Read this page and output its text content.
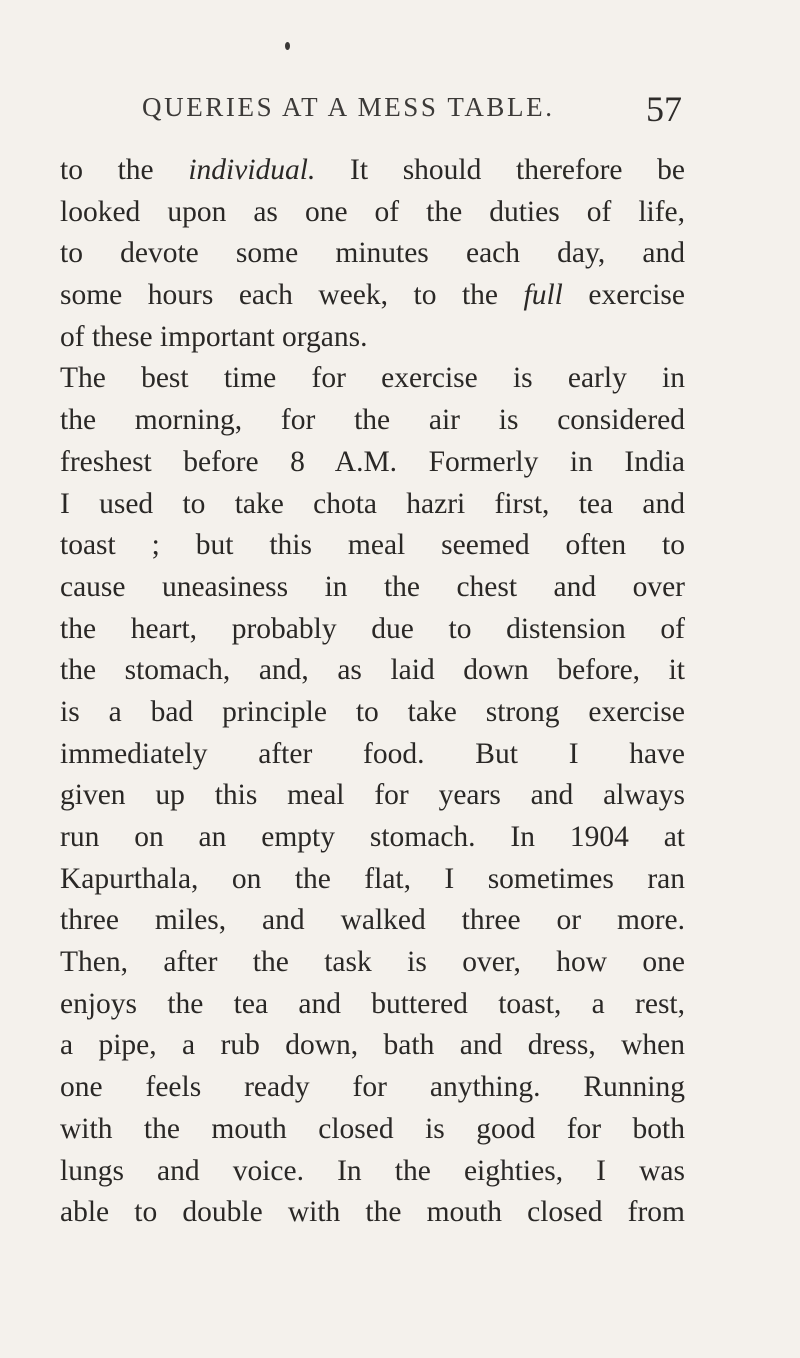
QUERIES AT A MESS TABLE.	57
to the individual. It should therefore be
looked upon as one of the duties of life,
to devote some minutes each day, and
some hours each week, to the full exercise
of these important organs.
The best time for exercise is early in
the morning, for the air is considered
freshest before 8 A.M. Formerly in India
I used to take chota hazri first, tea and
toast ; but this meal seemed often to
cause uneasiness in the chest and over
the heart, probably due to distension of
the stomach, and, as laid down before, it
is a bad principle to take strong exercise
immediately after food. But I have
given up this meal for years and always
run on an empty stomach. In 1904 at
Kapurthala, on the flat, I sometimes ran
three miles, and walked three or more.
Then, after the task is over, how one
enjoys the tea and buttered toast, a rest,
a pipe, a rub down, bath and dress, when
one feels ready for anything. Running
with the mouth closed is good for both
lungs and voice. In the eighties, I was
able to double with the mouth closed from
